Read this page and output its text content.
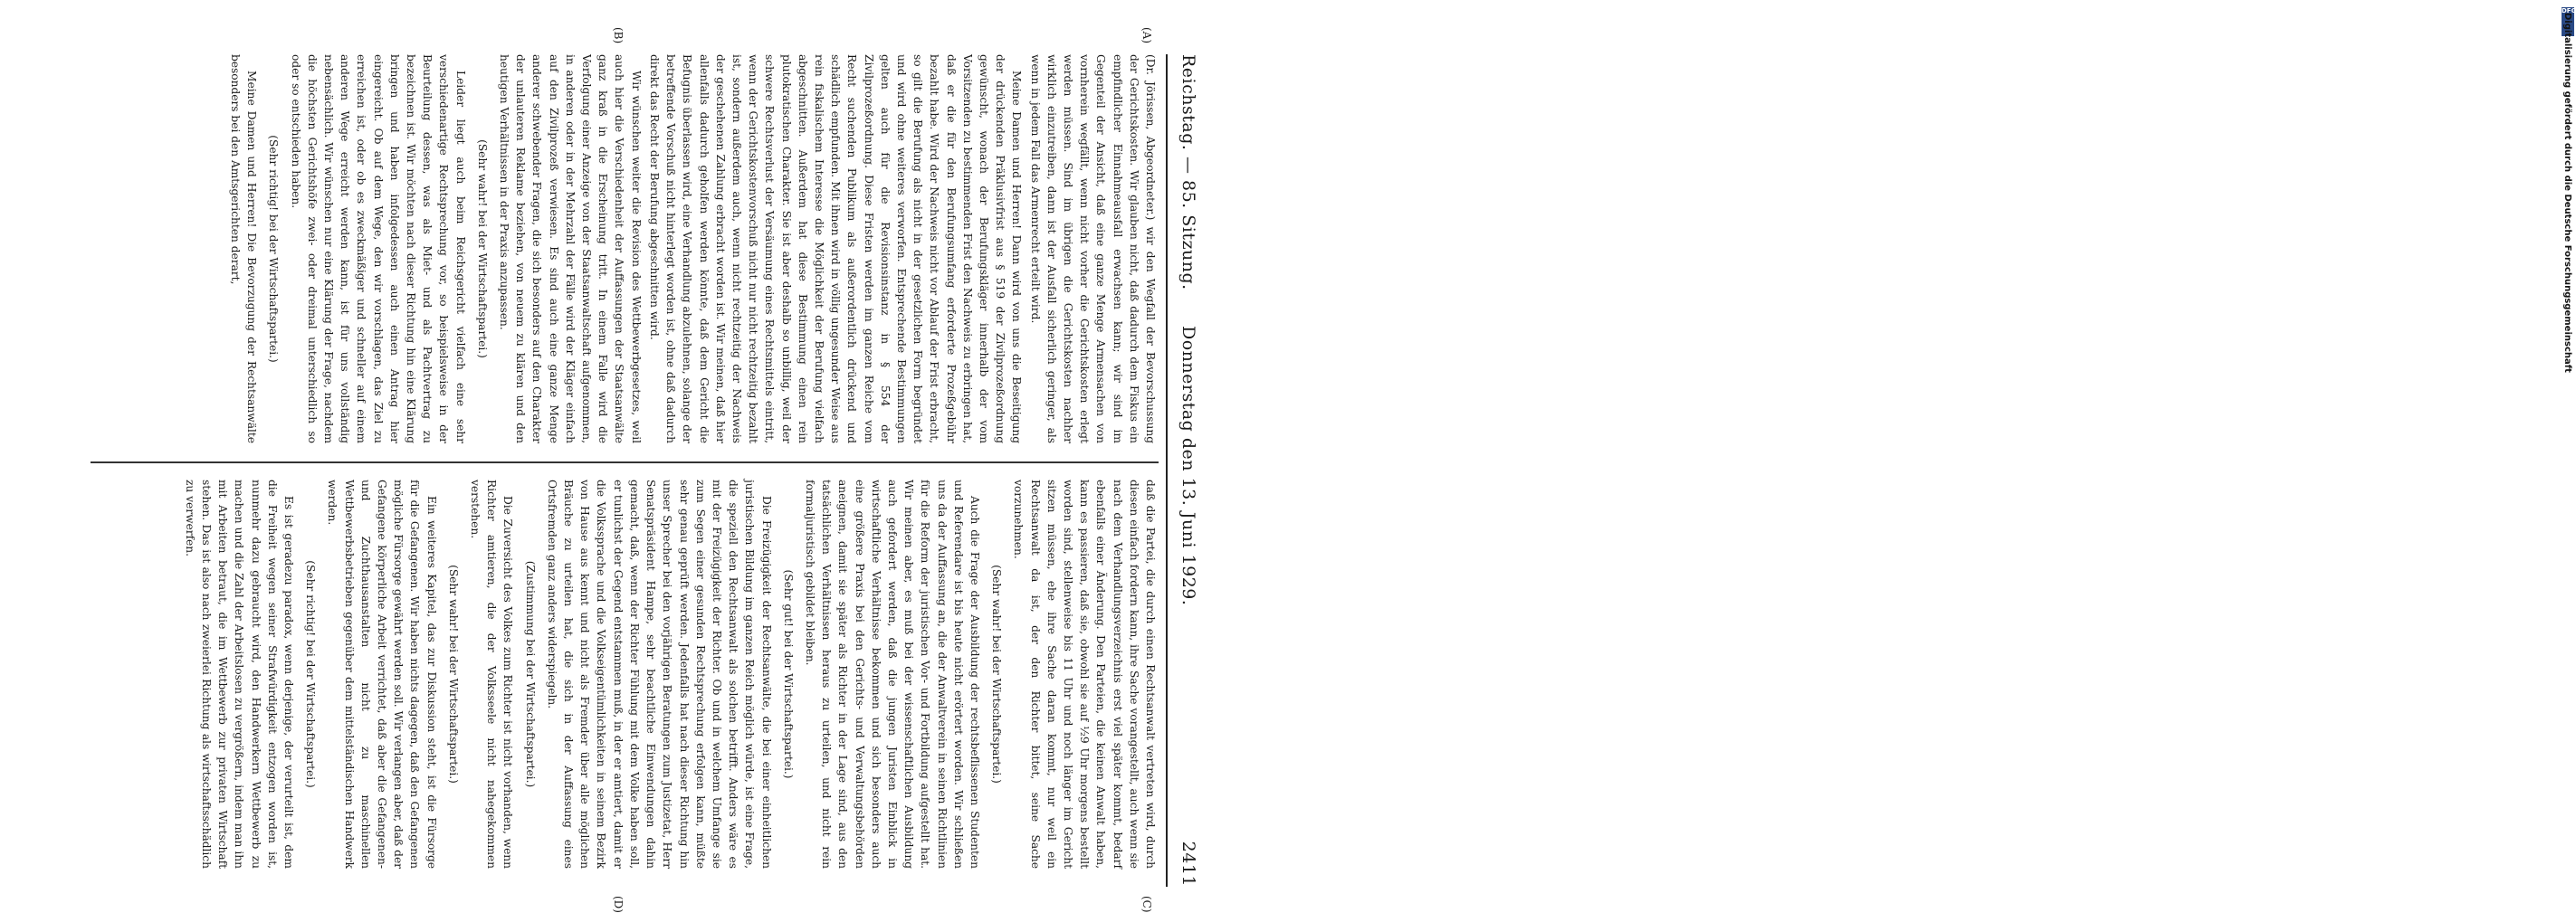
DFG
Digitalisierung gefördert durch die Deutsche Forschungsgemeinschaft
Reichstag. — 85. Sitzung.
Donnerstag den 13. Juni 1929.
2411

(Dr. Jörissen, Abgeordneter.) wir den Wegfall der Bevorschussung der Gerichtskosten. Wir glauben nicht, daß dadurch dem Fiskus ein empfindlicher Einnahmeausfall erwachsen kann; wir sind im Gegenteil der Ansicht, daß eine ganze Menge Armensachen von vornherein wegfällt, wenn nicht vorher die Gerichtskosten erlegt werden müssen. Sind im übrigen die Gerichtskosten nachher wirklich einzutreiben, dann ist der Ausfall sicherlich geringer, als wenn in jedem Fall das Armenrecht erteilt wird.

Meine Damen und Herren! Dann wird von uns die Beseitigung der drückenden Präklusivfrist aus § 519 der Zivilprozeßordnung gewünscht, wonach der Berufungskläger innerhalb der vom Vorsitzenden zu bestimmenden Frist den Nachweis zu erbringen hat, daß er die für den Berufungsumfang erforderte Prozeßgebühr bezahlt habe. Wird der Nachweis nicht vor Ablauf der Frist erbracht, so gilt die Berufung als nicht in der gesetzlichen Form begründet und wird ohne weiteres verworfen. Entsprechende Bestimmungen gelten auch für die Revisionsinstanz in § 554 der Zivilprozeßordnung. Diese Fristen werden im ganzen Reiche vom Recht suchenden Publikum als außerordentlich drückend und schädlich empfunden. Mit ihnen wird in völlig ungesunder Weise aus rein fiskalischem Interesse die Möglichkeit der Berufung vielfach abgeschnitten. Außerdem hat diese Bestimmung einen rein plutokratischen Charakter. Sie ist aber deshalb so unbillig, weil der schwere Rechtsverlust der Versäumung eines Rechtsmittels eintritt, wenn der Gerichtskostenvorschuß nicht nur nicht rechtzeitig bezahlt ist, sondern außerdem auch, wenn nicht rechtzeitig der Nachweis der geschehenen Zahlung erbracht worden ist. Wir meinen, daß hier allenfalls dadurch geholfen werden könnte, daß dem Gericht die Befugnis überlassen wird, eine Verhandlung abzulehnen, solange der betreffende Vorschuß nicht hinterlegt worden ist, ohne daß dadurch direkt das Recht der Berufung abgeschnitten wird.

Wir wünschen weiter die Revision des Wettbewerbgesetzes, weil auch hier die Verschiedenheit der Auffassungen der Staatsanwälte ganz kraß in die Erscheinung tritt. In einem Falle wird die Verfolgung einer Anzeige von der Staatsanwaltschaft aufgenommen, in anderen oder in der Mehrzahl der Fälle wird der Kläger einfach auf den Zivilprozeß verwiesen. Es sind auch eine ganze Menge anderer schwebender Fragen, die sich besonders auf den Charakter der unlauteren Reklame beziehen, von neuem zu klären und den heutigen Verhältnissen in der Praxis anzupassen.

(Sehr wahr! bei der Wirtschaftspartei.)

Leider liegt auch beim Reichsgericht vielfach eine sehr verschiedenartige Rechtsprechung vor, so beispielsweise in der Beurteilung dessen, was als Miet- und als Pachtvertrag zu bezeichnen ist. Wir möchten nach dieser Richtung hin eine Klärung bringen und haben infolgedessen auch einen Antrag hier eingereicht. Ob auf dem Wege, den wir vorschlagen, das Ziel zu erreichen ist, oder ob es zweckmäßiger und schneller auf einem anderen Wege erreicht werden kann, ist für uns vollständig nebensächlich. Wir wünschen nur eine Klärung der Frage, nachdem die höchsten Gerichtshöfe zwei- oder dreimal unterschiedlich so oder so entschieden haben.

(Sehr richtig! bei der Wirtschaftspartei.)

Meine Damen und Herren! Die Bevorzugung der Rechtsanwälte besonders bei den Amtsgerichten derart,

daß die Partei, die durch einen Rechtsanwalt vertreten wird, durch diesen einfach fordern kann, ihre Sache vorangestellt, auch wenn sie nach dem Verhandlungsverzeichnis erst viel später kommt, bedarf ebenfalls einer Änderung. Den Parteien, die keinen Anwalt haben, kann es passieren, daß sie, obwohl sie auf ½9 Uhr morgens bestellt worden sind, stellenweise bis 11 Uhr und noch länger im Gericht sitzen müssen, ehe ihre Sache daran kommt, nur weil ein Rechtsanwalt da ist, der den Richter bittet, seine Sache vorzunehmen.

(Sehr wahr! bei der Wirtschaftspartei.)

Auch die Frage der Ausbildung der rechtsbeflissenen Studenten und Referendare ist bis heute nicht erörtert worden. Wir schließen uns da der Auffassung an, die der Anwaltverein in seinen Richtlinien für die Reform der juristischen Vor- und Fortbildung aufgestellt hat. Wir meinen aber, es muß bei der wissenschaftlichen Ausbildung auch gefordert werden, daß die jungen Juristen Einblick in wirtschaftliche Verhältnisse bekommen und sich besonders auch eine größere Praxis bei den Gerichts- und Verwaltungsbehörden aneignen, damit sie später als Richter in der Lage sind, aus den tatsächlichen Verhältnissen heraus zu urteilen, und nicht rein formaljuristisch gebildet bleiben.

(Sehr gut! bei der Wirtschaftspartei.)

Die Freizügigkeit der Rechtsanwälte, die bei einer einheitlichen juristischen Bildung im ganzen Reich möglich würde, ist eine Frage, die speziell den Rechtsanwalt als solchen betrifft. Anders wäre es mit der Freizügigkeit der Richter. Ob und in welchem Umfange sie zum Segen einer gesunden Rechtsprechung erfolgen kann, müßte sehr genau geprüft werden. Jedenfalls hat nach dieser Richtung hin unser Sprecher bei den vorjährigen Beratungen zum Justizetat, Herr Senatspräsident Hampe, sehr beachtliche Einwendungen dahin gemacht, daß, wenn der Richter Fühlung mit dem Volke haben soll, er tunlichst der Gegend entstammen muß, in der er amtiert, damit er die Volkssprache und die Volkseigentümlichkeiten in seinem Bezirk von Hause aus kennt und nicht als Fremder über alle möglichen Bräuche zu urteilen hat, die sich in der Auffassung eines Ortsfremden ganz anders widerspiegeln.

(Zustimmung bei der Wirtschaftspartei.)

Die Zuversicht des Volkes zum Richter ist nicht vorhanden, wenn Richter amtieren, die der Volksseele nicht nahegekommen verstehen.

(Sehr wahr! bei der Wirtschaftspartei.)

Ein weiteres Kapitel, das zur Diskussion steht, ist die Fürsorge für die Gefangenen. Wir haben nichts dagegen, daß den Gefangenen mögliche Fürsorge gewährt werden soll. Wir verlangen aber, daß der Gefangene körperliche Arbeit verrichtet, daß aber die Gefangenen- und Zuchthausanstalten nicht zu maschinellen Wettbewerbsbetrieben gegenüber dem mittelständischen Handwerk werden.

(Sehr richtig! bei der Wirtschaftspartei.)

Es ist geradezu paradox, wenn derjenige, der verurteilt ist, dem die Freiheit wegen seiner Strafwürdigkeit entzogen worden ist, nunmehr dazu gebraucht wird, den Handwerkern Wettbewerb zu machen und die Zahl der Arbeitslosen zu vergrößern, indem man ihn mit Arbeiten betraut, die im Wettbewerb zur privaten Wirtschaft stehen. Das ist also nach zweierlei Richtung als wirtschaftsschädlich zu verwerfen.

(A)
(B)
(C)
(D)
